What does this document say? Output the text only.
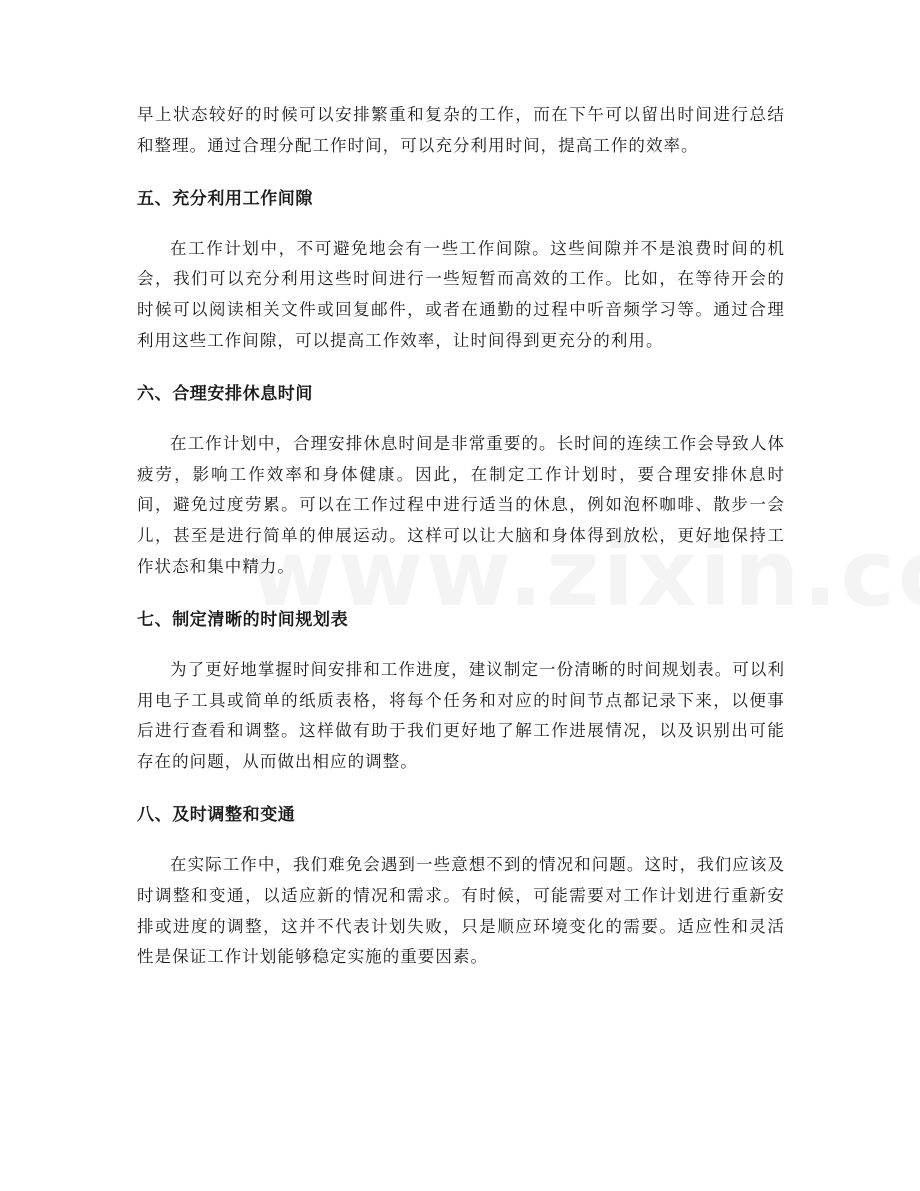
早上状态较好的时候可以安排繁重和复杂的工作，而在下午可以留出时间进行总结和整理。通过合理分配工作时间，可以充分利用时间，提高工作的效率。

五、充分利用工作间隙

在工作计划中，不可避免地会有一些工作间隙。这些间隙并不是浪费时间的机会，我们可以充分利用这些时间进行一些短暂而高效的工作。比如，在等待开会的时候可以阅读相关文件或回复邮件，或者在通勤的过程中听音频学习等。通过合理利用这些工作间隙，可以提高工作效率，让时间得到更充分的利用。

六、合理安排休息时间

在工作计划中，合理安排休息时间是非常重要的。长时间的连续工作会导致人体疲劳，影响工作效率和身体健康。因此，在制定工作计划时，要合理安排休息时间，避免过度劳累。可以在工作过程中进行适当的休息，例如泡杯咖啡、散步一会儿，甚至是进行简单的伸展运动。这样可以让大脑和身体得到放松，更好地保持工作状态和集中精力。

七、制定清晰的时间规划表

为了更好地掌握时间安排和工作进度，建议制定一份清晰的时间规划表。可以利用电子工具或简单的纸质表格，将每个任务和对应的时间节点都记录下来，以便事后进行查看和调整。这样做有助于我们更好地了解工作进展情况，以及识别出可能存在的问题，从而做出相应的调整。

八、及时调整和变通

在实际工作中，我们难免会遇到一些意想不到的情况和问题。这时，我们应该及时调整和变通，以适应新的情况和需求。有时候，可能需要对工作计划进行重新安排或进度的调整，这并不代表计划失败，只是顺应环境变化的需要。适应性和灵活性是保证工作计划能够稳定实施的重要因素。
